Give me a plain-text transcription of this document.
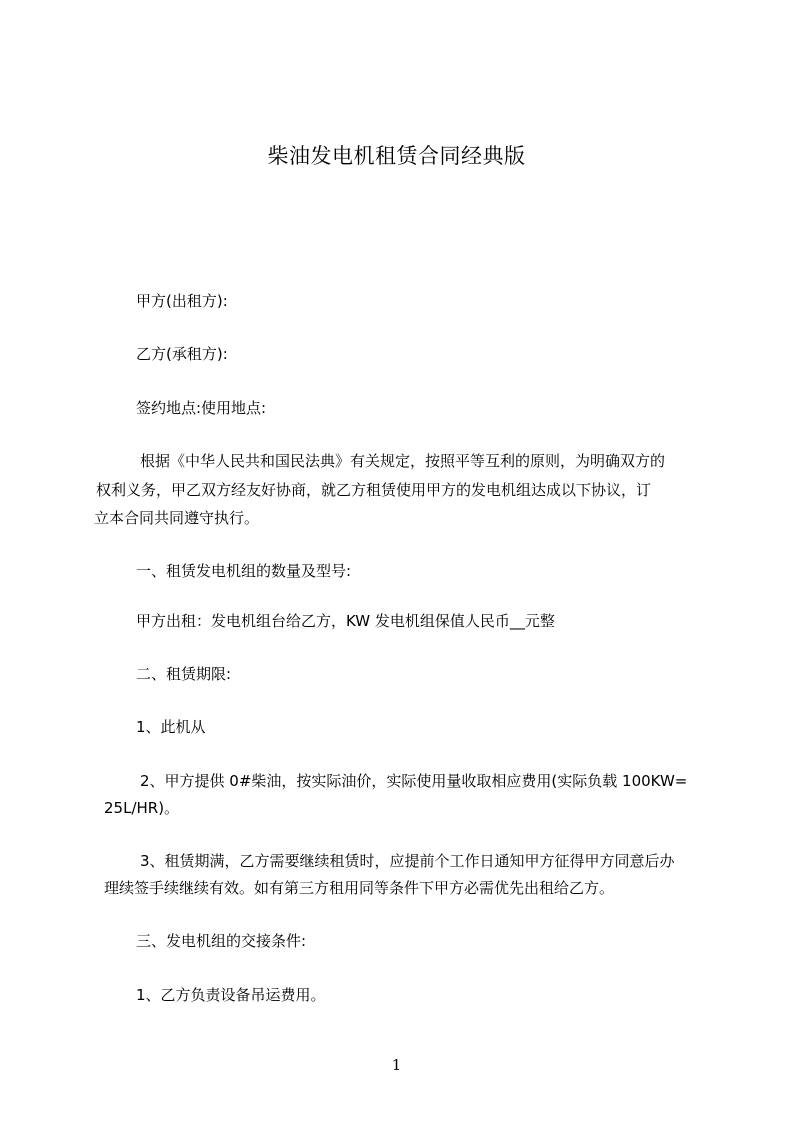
柴油发电机租赁合同经典版
甲方(出租方):
乙方(承租方):
签约地点:使用地点:
根据《中华人民共和国民法典》有关规定，按照平等互利的原则，为明确双方的
权利义务，甲乙双方经友好协商，就乙方租赁使用甲方的发电机组达成以下协议，订
立本合同共同遵守执行。
一、租赁发电机组的数量及型号:
甲方出租：发电机组台给乙方，KW 发电机组保值人民币__元整
二、租赁期限:
1、此机从
2、甲方提供 0#柴油，按实际油价，实际使用量收取相应费用(实际负载 100KW=
25L/HR)。
3、租赁期满，乙方需要继续租赁时，应提前个工作日通知甲方征得甲方同意后办
理续签手续继续有效。如有第三方租用同等条件下甲方必需优先出租给乙方。
三、发电机组的交接条件:
1、乙方负责设备吊运费用。
1
